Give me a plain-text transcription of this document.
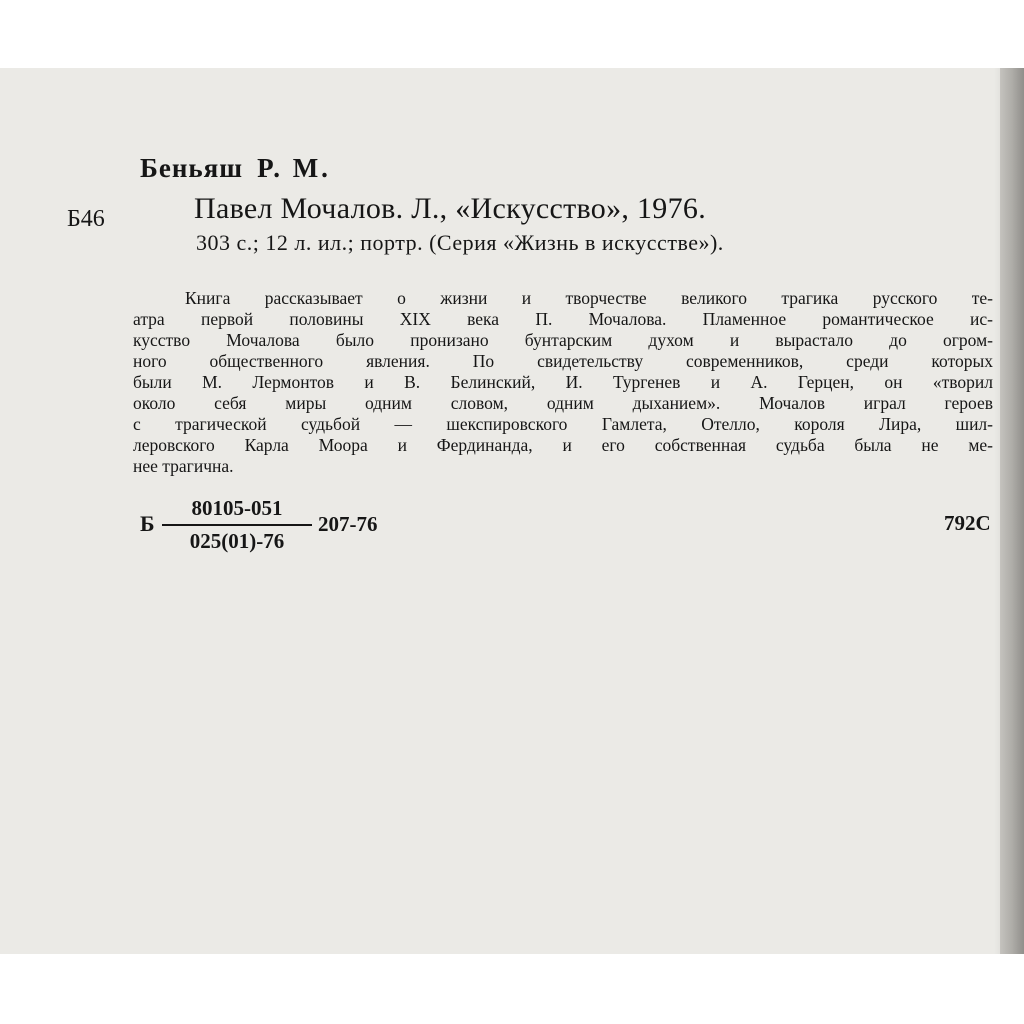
Беньяш Р. М.
Б46	Павел Мочалов. Л., «Искусство», 1976.
303 с.; 12 л. ил.; портр. (Серия «Жизнь в искусстве»).
Книга рассказывает о жизни и творчестве великого трагика русского те-
атра первой половины XIX века П. Мочалова. Пламенное романтическое ис-
кусство Мочалова было пронизано бунтарским духом и вырастало до огром-
ного общественного явления. По свидетельству современников, среди которых
были М. Лермонтов и В. Белинский, И. Тургенев и А. Герцен, он «творил
около себя миры одним словом, одним дыханием». Мочалов играл героев
с трагической судьбой — шекспировского Гамлета, Отелло, короля Лира, шил-
леровского Карла Моора и Фердинанда, и его собственная судьба была не ме-
нее трагична.
Б
80105-051
025(01)-76
207-76	792С
